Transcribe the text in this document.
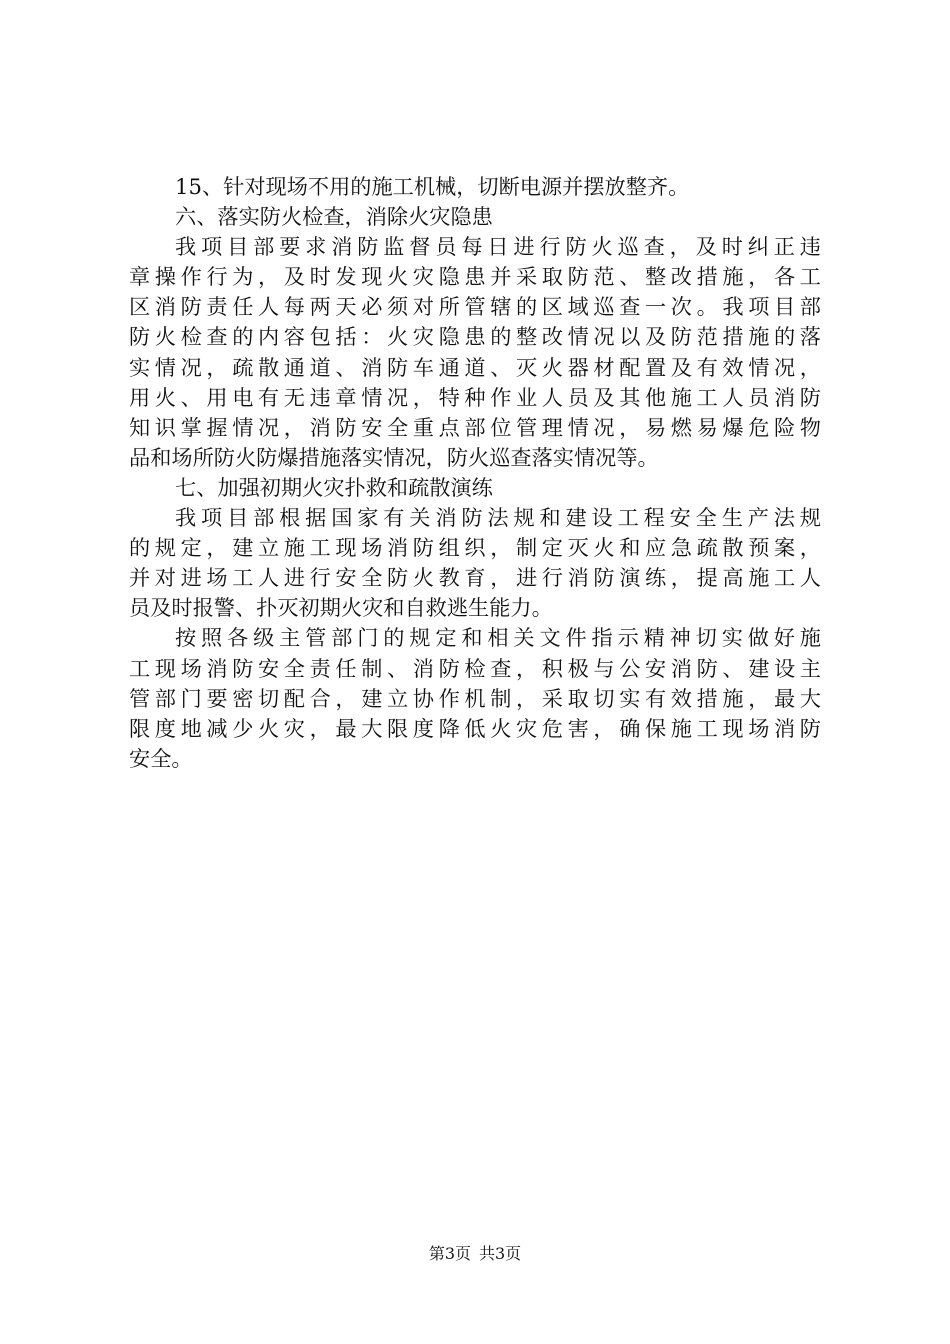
15、针对现场不用的施工机械，切断电源并摆放整齐。
六、落实防火检查，消除火灾隐患
我项目部要求消防监督员每日进行防火巡查，及时纠正违
章操作行为，及时发现火灾隐患并采取防范、整改措施，各工
区消防责任人每两天必须对所管辖的区域巡查一次。我项目部
防火检查的内容包括：火灾隐患的整改情况以及防范措施的落
实情况，疏散通道、消防车通道、灭火器材配置及有效情况，
用火、用电有无违章情况，特种作业人员及其他施工人员消防
知识掌握情况，消防安全重点部位管理情况，易燃易爆危险物
品和场所防火防爆措施落实情况，防火巡查落实情况等。
七、加强初期火灾扑救和疏散演练
我项目部根据国家有关消防法规和建设工程安全生产法规
的规定，建立施工现场消防组织，制定灭火和应急疏散预案，
并对进场工人进行安全防火教育，进行消防演练，提高施工人
员及时报警、扑灭初期火灾和自救逃生能力。
按照各级主管部门的规定和相关文件指示精神切实做好施
工现场消防安全责任制、消防检查，积极与公安消防、建设主
管部门要密切配合，建立协作机制，采取切实有效措施，最大
限度地减少火灾，最大限度降低火灾危害，确保施工现场消防
安全。
第3页 共3页
